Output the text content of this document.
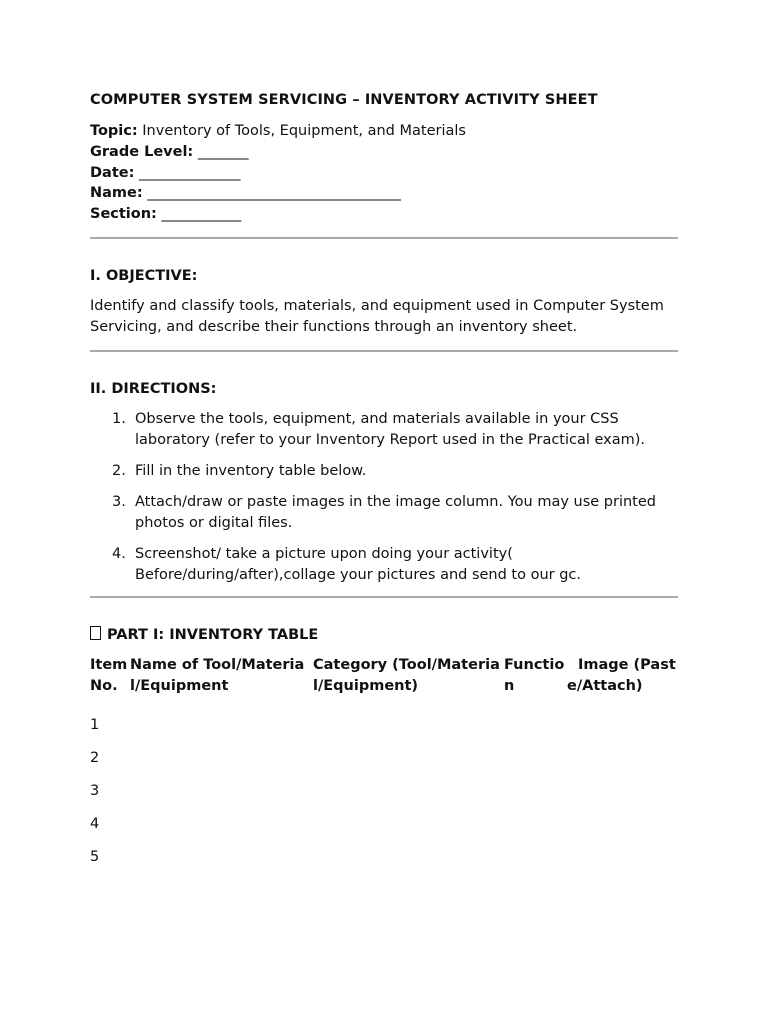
COMPUTER SYSTEM SERVICING – INVENTORY ACTIVITY SHEET
Topic: Inventory of Tools, Equipment, and Materials
Grade Level: _______
Date: ______________
Name: ___________________________________
Section: ___________
I. OBJECTIVE:

Identify and classify tools, materials, and equipment used in Computer System Servicing, and describe their functions through an inventory sheet.

II. DIRECTIONS:
1. Observe the tools, equipment, and materials available in your CSS laboratory (refer to your Inventory Report used in the Practical exam).
2. Fill in the inventory table below.
3. Attach/draw or paste images in the image column. You may use printed photos or digital files.
4. Screenshot/ take a picture upon doing your activity( Before/during/after),collage your pictures and send to our gc.
PART I: INVENTORY TABLE
Item No.	Name of Tool/Material/Equipment	Category (Tool/Material/Equipment)	Function	Image (Paste/Attach)
1				
2				
3				
4				
5				
